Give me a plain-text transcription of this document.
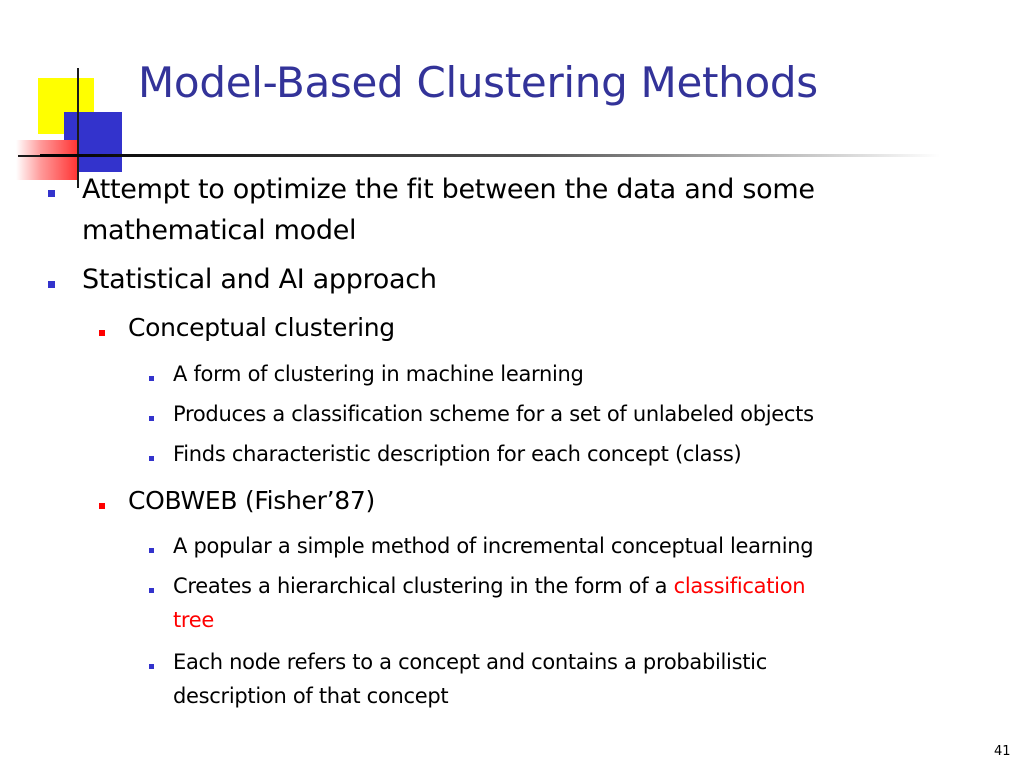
Model-Based Clustering Methods
Attempt to optimize the fit between the data and some
mathematical model
Statistical and AI approach
Conceptual clustering
A form of clustering in machine learning
Produces a classification scheme for a set of unlabeled objects
Finds characteristic description for each concept (class)
COBWEB (Fisher’87)
A popular a simple method of incremental conceptual learning
Creates a hierarchical clustering in the form of a classification
tree
Each node refers to a concept and contains a probabilistic
description of that concept
41
